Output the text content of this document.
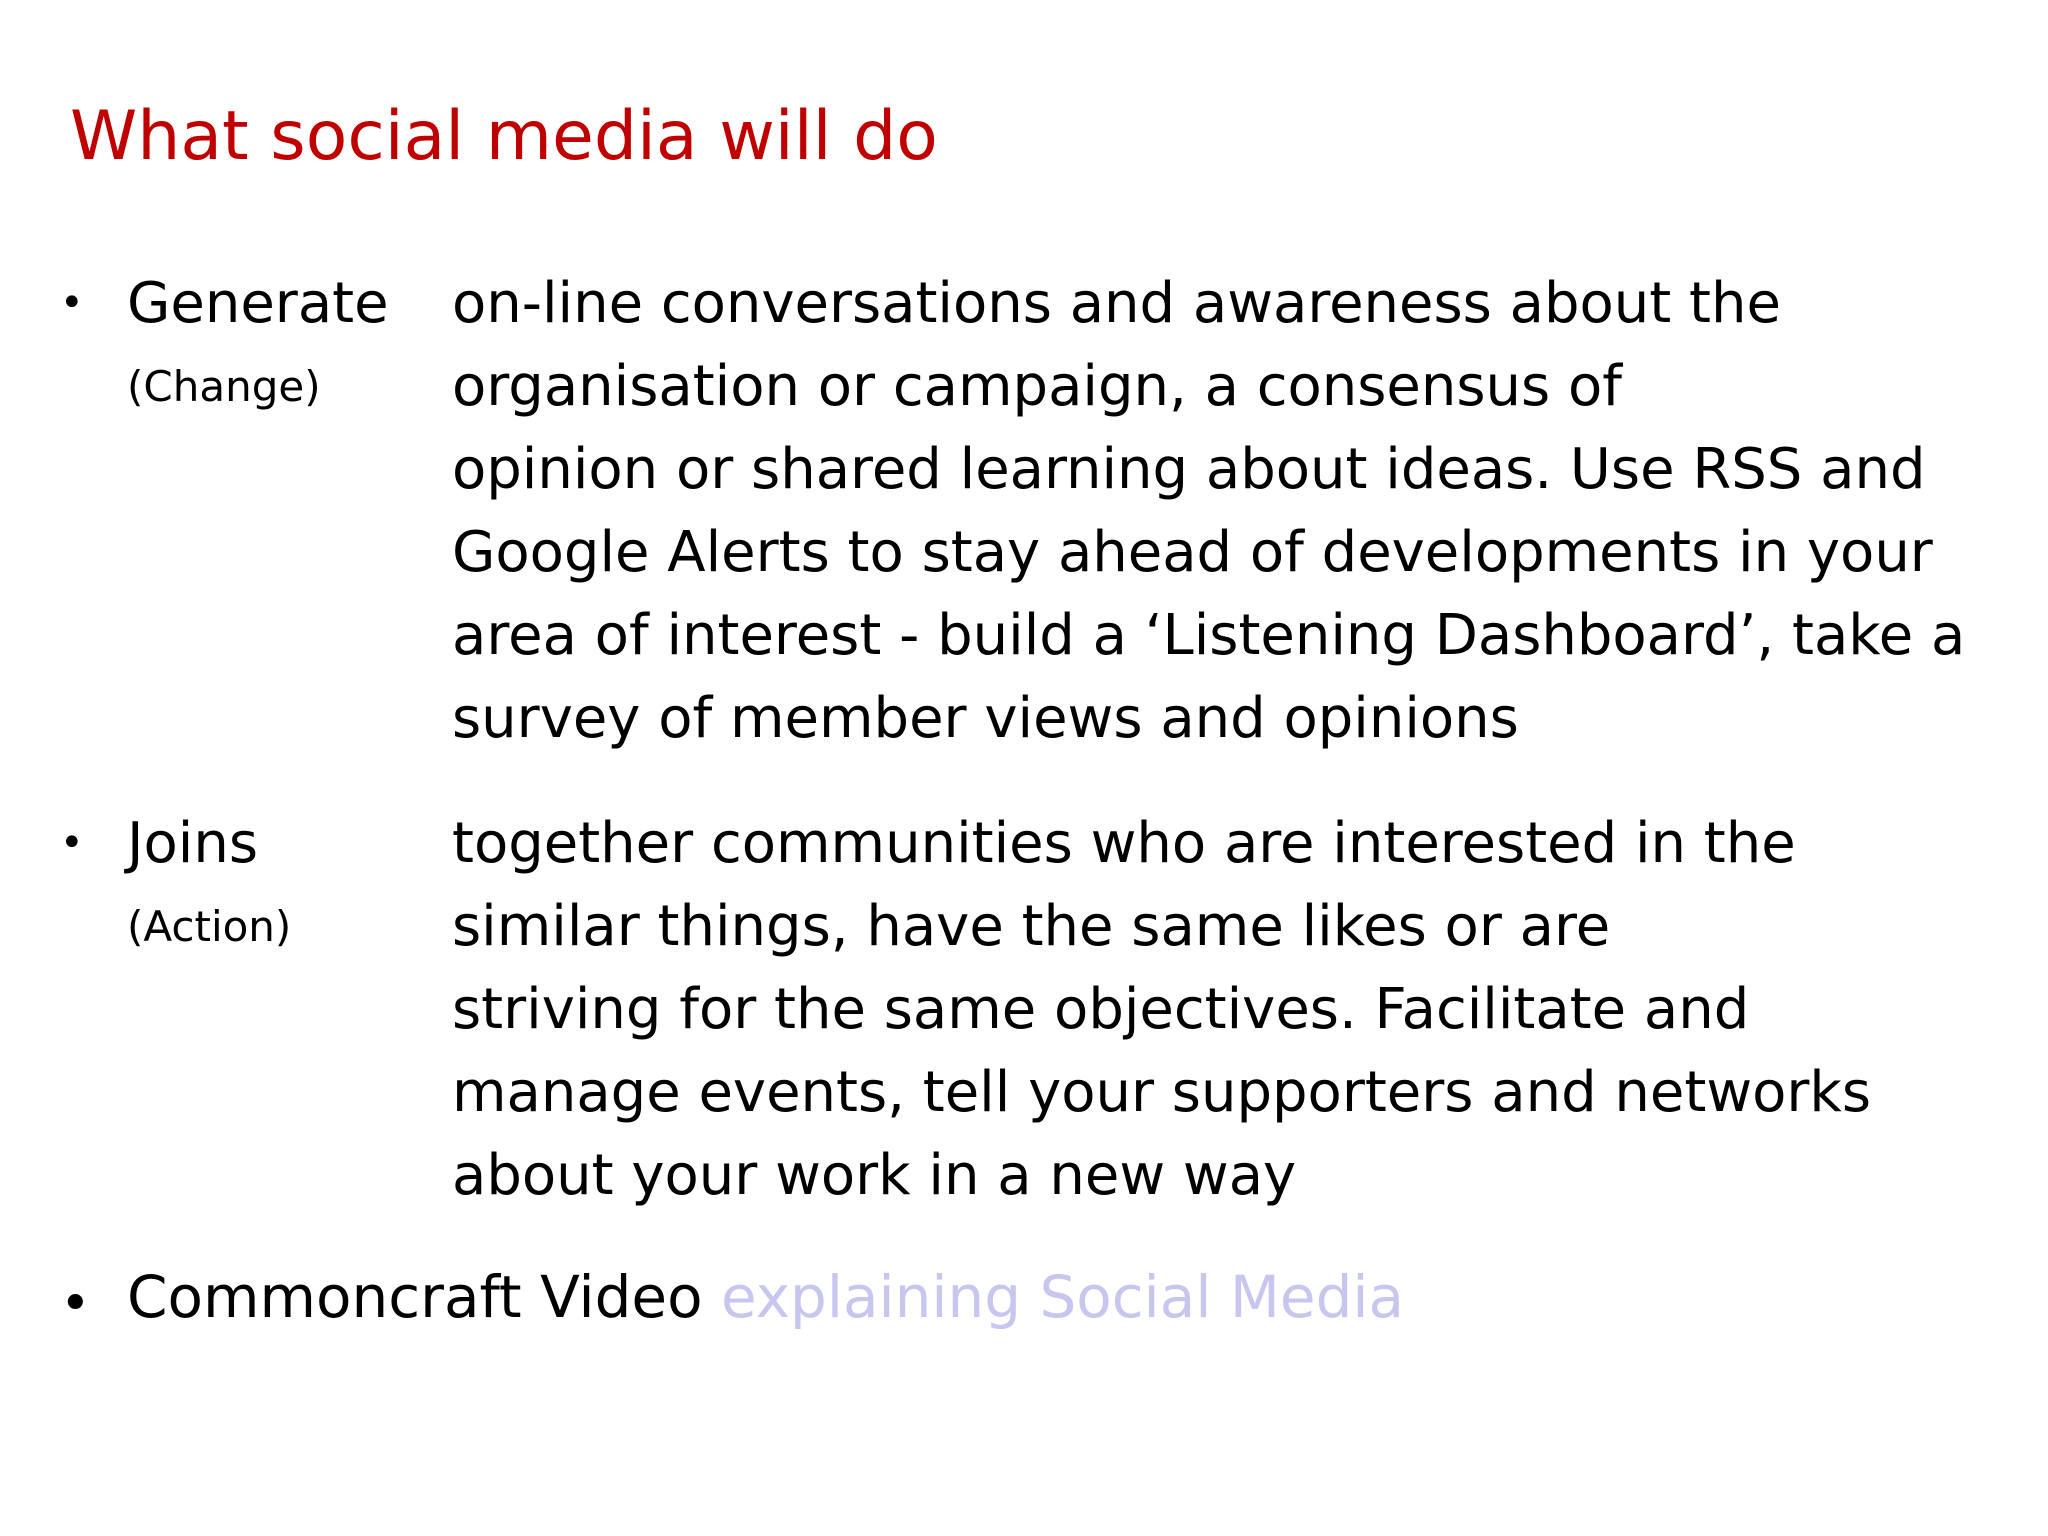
What social media will do
• Generate
(Change)
on-line conversations and awareness about the
organisation or campaign, a consensus of
opinion or shared learning about ideas. Use RSS and
Google Alerts to stay ahead of developments in your
area of interest - build a ‘Listening Dashboard’, take a
survey of member views and opinions
• Joins
(Action)
together communities who are interested in the
similar things, have the same likes or are
striving for the same objectives. Facilitate and
manage events, tell your supporters and networks
about your work in a new way
• Commoncraft Video explaining Social Media
